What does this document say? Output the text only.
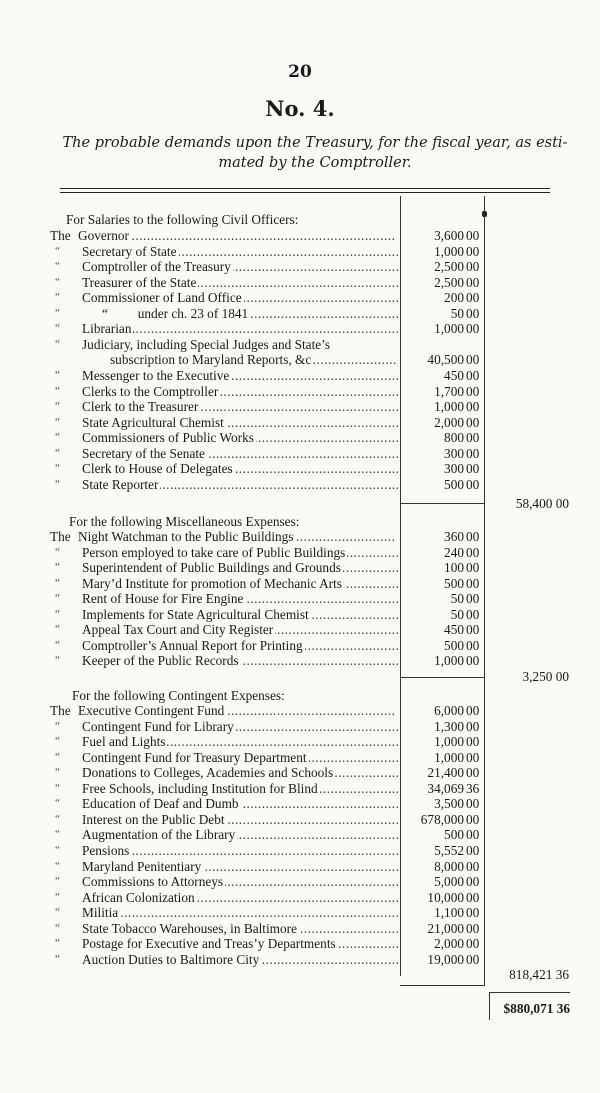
20
No. 4.
The probable demands upon the Treasury, for the fiscal year, as esti-
mated by the Comptroller.
For Salaries to the following Civil Officers:
The Governor .....	3,600 00
“	Secretary of State .....	1,000 00
“	Comptroller of the Treasury .....	2,500 00
“	Treasurer of the State .....	2,500 00
“	Commissioner of Land Office .....	200 00
“	“         under ch. 23 of 1841 .....	50 00
“	Librarian .....	1,000 00
“	Judiciary, including Special Judges and State’s
subscription to Maryland Reports, &c .....	40,500 00
“	Messenger to the Executive .....	450 00
“	Clerks to the Comptroller .....	1,700 00
“	Clerk to the Treasurer .....	1,000 00
“	State Agricultural Chemist .....	2,000 00
“	Commissioners of Public Works .....	800 00
“	Secretary of the Senate .....	300 00
“	Clerk to House of Delegates .....	300 00
“	State Reporter .....	500 00
58,400 00
For the following Miscellaneous Expenses:
The Night Watchman to the Public Buildings .....	360 00
“	Person employed to take care of Public Buildings .....	240 00
“	Superintendent of Public Buildings and Grounds .....	100 00
“	Mary’d Institute for promotion of Mechanic Arts .....	500 00
“	Rent of House for Fire Engine .....	50 00
“	Implements for State Agricultural Chemist .....	50 00
“	Appeal Tax Court and City Register .....	450 00
“	Comptroller’s Annual Report for Printing .....	500 00
“	Keeper of the Public Records .....	1,000 00
3,250 00
For the following Contingent Expenses:
The Executive Contingent Fund .....	6,000 00
“	Contingent Fund for Library .....	1,300 00
“	Fuel and Lights .....	1,000 00
“	Contingent Fund for Treasury Department .....	1,000 00
“	Donations to Colleges, Academies and Schools .....	21,400 00
“	Free Schools, including Institution for Blind .....	34,069 36
“	Education of Deaf and Dumb .....	3,500 00
“	Interest on the Public Debt .....	678,000 00
“	Augmentation of the Library .....	500 00
“	Pensions .....	5,552 00
“	Maryland Penitentiary .....	8,000 00
“	Commissions to Attorneys .....	5,000 00
“	African Colonization .....	10,000 00
“	Militia .....	1,100 00
“	State Tobacco Warehouses, in Baltimore .....	21,000 00
“	Postage for Executive and Treas’y Departments .....	2,000 00
“	Auction Duties to Baltimore City .....	19,000 00
818,421 36
$880,071 36
